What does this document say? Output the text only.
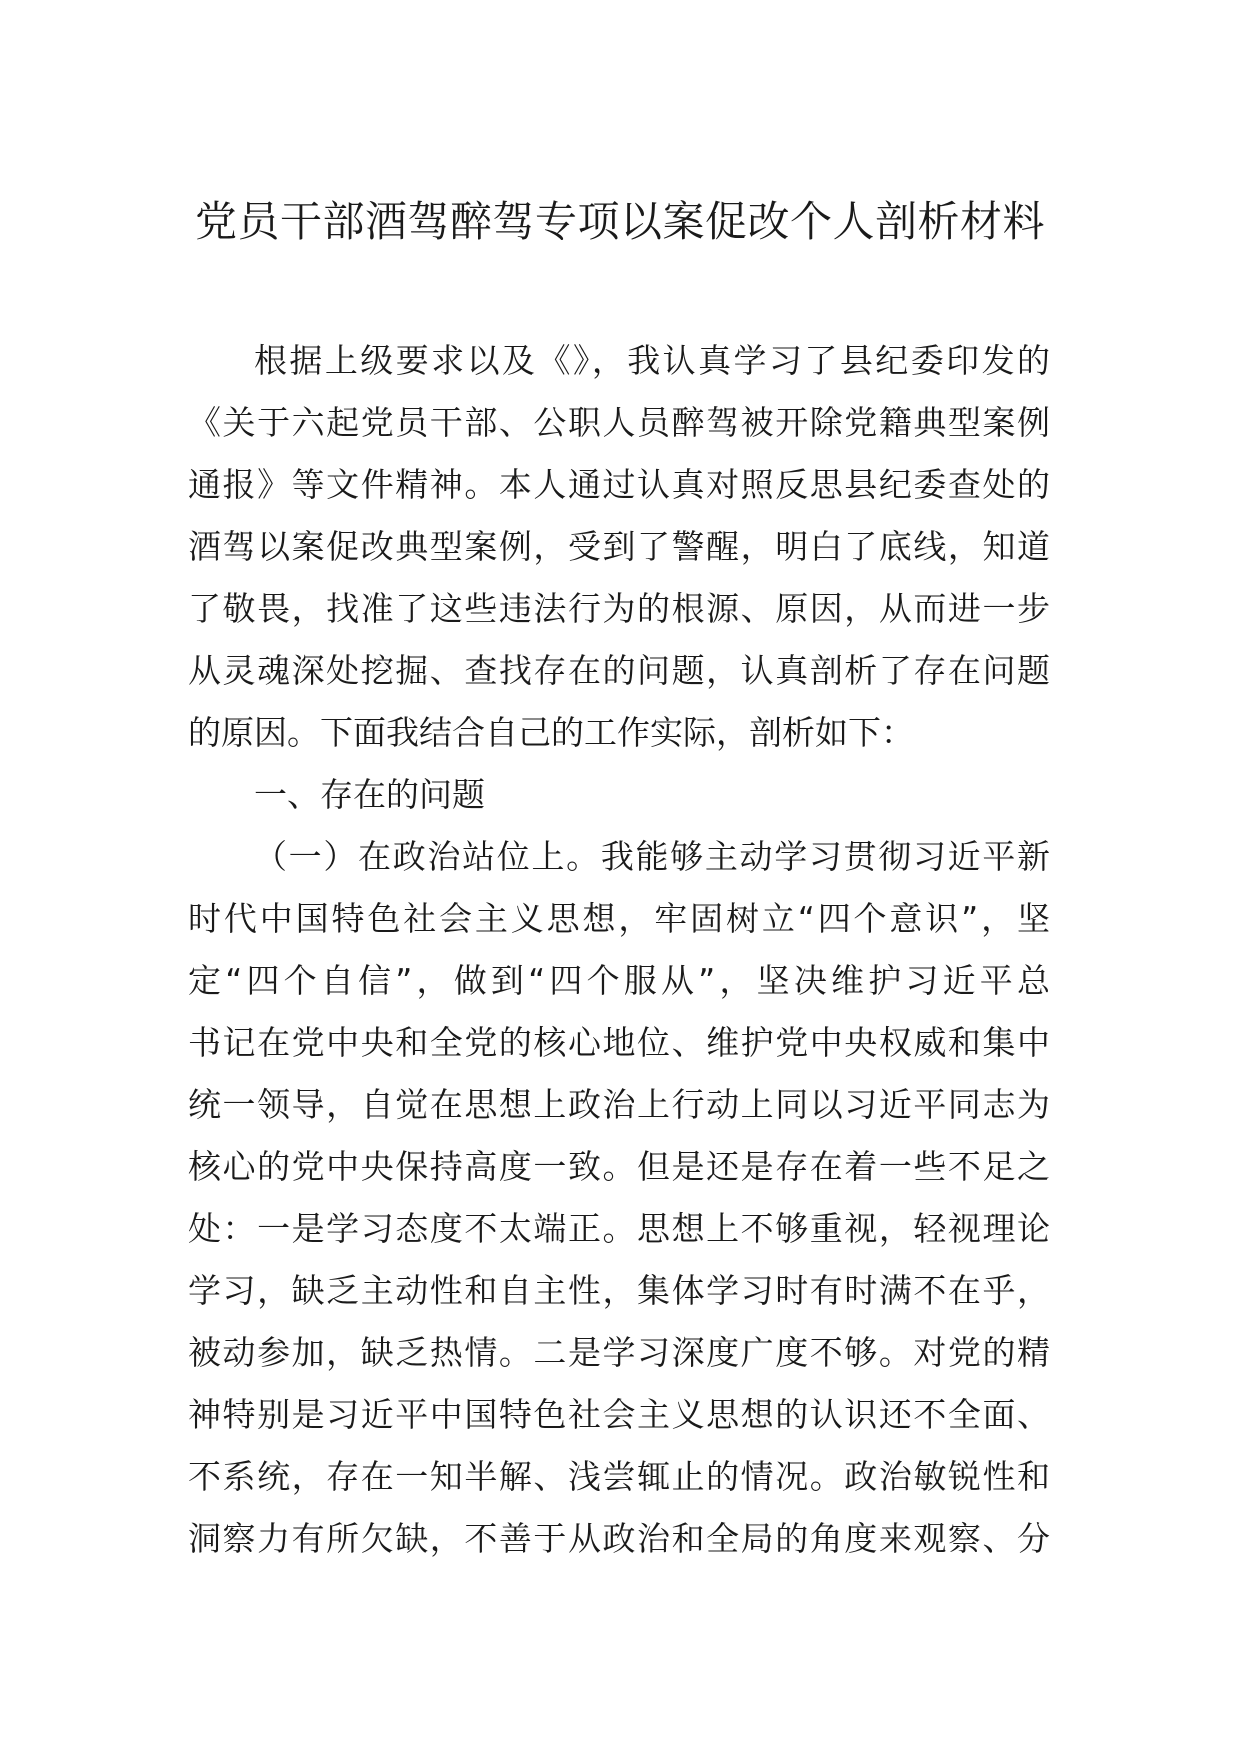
党员干部酒驾醉驾专项以案促改个人剖析材料
根据上级要求以及《》，我认真学习了县纪委印发的
《关于六起党员干部、公职人员醉驾被开除党籍典型案例
通报》等文件精神。本人通过认真对照反思县纪委查处的
酒驾以案促改典型案例，受到了警醒，明白了底线，知道
了敬畏，找准了这些违法行为的根源、原因，从而进一步
从灵魂深处挖掘、查找存在的问题，认真剖析了存在问题
的原因。下面我结合自己的工作实际，剖析如下：
一、存在的问题
（一）在政治站位上。我能够主动学习贯彻习近平新
时代中国特色社会主义思想，牢固树立“四个意识”，坚
定“四个自信”，做到“四个服从”，坚决维护习近平总
书记在党中央和全党的核心地位、维护党中央权威和集中
统一领导，自觉在思想上政治上行动上同以习近平同志为
核心的党中央保持高度一致。但是还是存在着一些不足之
处：一是学习态度不太端正。思想上不够重视，轻视理论
学习，缺乏主动性和自主性，集体学习时有时满不在乎，
被动参加，缺乏热情。二是学习深度广度不够。对党的精
神特别是习近平中国特色社会主义思想的认识还不全面、
不系统，存在一知半解、浅尝辄止的情况。政治敏锐性和
洞察力有所欠缺，不善于从政治和全局的角度来观察、分
